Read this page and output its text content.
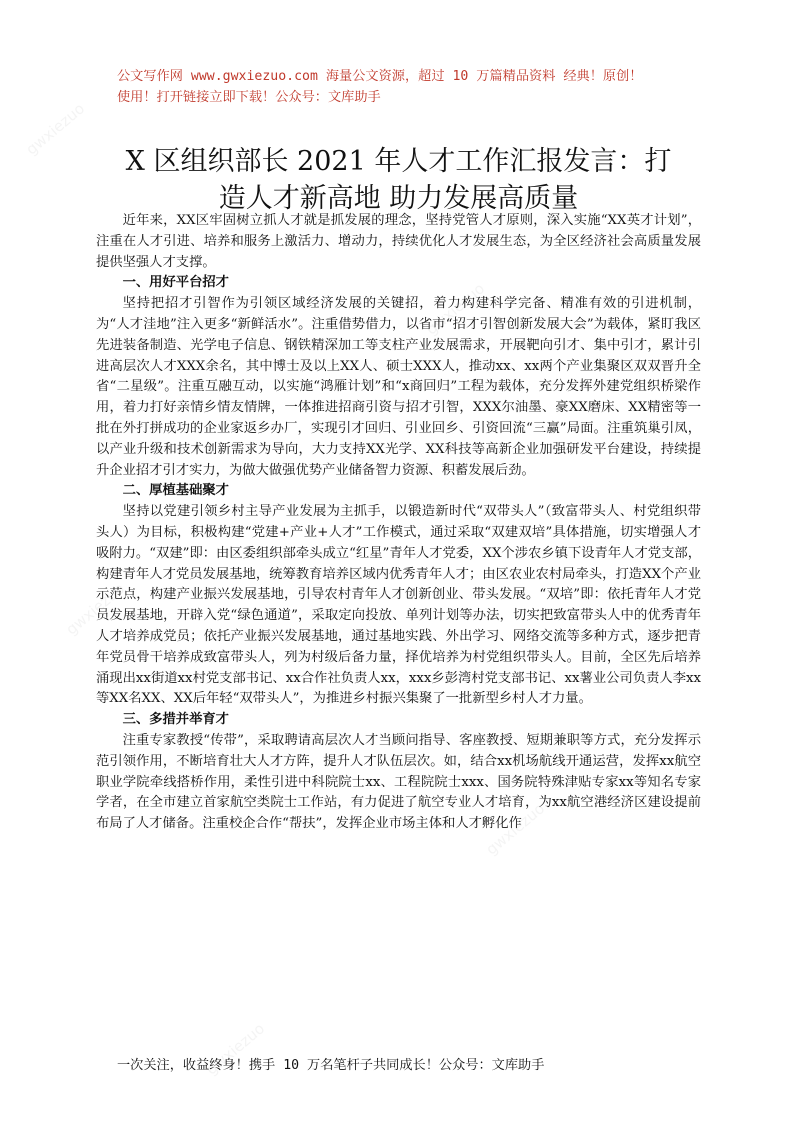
公文写作网 www.gwxiezuo.com 海量公文资源，超过 10 万篇精品资料 经典！原创！
使用！打开链接立即下载！公众号：文库助手
X 区组织部长 2021 年人才工作汇报发言：打
造人才新高地 助力发展高质量

近年来，XX区牢固树立抓人才就是抓发展的理念，坚持党管人才原则，深入实施“XX英才计划”，注重在人才引进、培养和服务上激活力、增动力，持续优化人才发展生态，为全区经济社会高质量发展提供坚强人才支撑。

一、用好平台招才

坚持把招才引智作为引领区域经济发展的关键招，着力构建科学完备、精准有效的引进机制，为“人才洼地”注入更多“新鲜活水”。注重借势借力，以省市“招才引智创新发展大会”为载体，紧盯我区先进装备制造、光学电子信息、钢铁精深加工等支柱产业发展需求，开展靶向引才、集中引才，累计引进高层次人才XXX余名，其中博士及以上XX人、硕士XXX人，推动xx、xx两个产业集聚区双双晋升全省“二星级”。注重互融互动，以实施“鸿雁计划”和“x商回归”工程为载体，充分发挥外建党组织桥梁作用，着力打好亲情乡情友情牌，一体推进招商引资与招才引智，XXX尔油墨、豪XX磨床、XX精密等一批在外打拼成功的企业家返乡办厂，实现引才回归、引业回乡、引资回流“三赢”局面。注重筑巢引凤，以产业升级和技术创新需求为导向，大力支持XX光学、XX科技等高新企业加强研发平台建设，持续提升企业招才引才实力，为做大做强优势产业储备智力资源、积蓄发展后劲。

二、厚植基础聚才

坚持以党建引领乡村主导产业发展为主抓手，以锻造新时代“双带头人”（致富带头人、村党组织带头人）为目标，积极构建“党建+产业+人才”工作模式，通过采取“双建双培”具体措施，切实增强人才吸附力。“双建”即：由区委组织部牵头成立“红星”青年人才党委，XX个涉农乡镇下设青年人才党支部，构建青年人才党员发展基地，统筹教育培养区域内优秀青年人才；由区农业农村局牵头，打造XX个产业示范点，构建产业振兴发展基地，引导农村青年人才创新创业、带头发展。“双培”即：依托青年人才党员发展基地，开辟入党“绿色通道”，采取定向投放、单列计划等办法，切实把致富带头人中的优秀青年人才培养成党员；依托产业振兴发展基地，通过基地实践、外出学习、网络交流等多种方式，逐步把青年党员骨干培养成致富带头人，列为村级后备力量，择优培养为村党组织带头人。目前，全区先后培养涌现出xx街道xx村党支部书记、xx合作社负责人xx，xxx乡彭湾村党支部书记、xx薯业公司负责人李xx等XX名XX、XX后年轻“双带头人”，为推进乡村振兴集聚了一批新型乡村人才力量。

三、多措并举育才

注重专家教授“传带”，采取聘请高层次人才当顾问指导、客座教授、短期兼职等方式，充分发挥示范引领作用，不断培育壮大人才方阵，提升人才队伍层次。如，结合xx机场航线开通运营，发挥xx航空职业学院牵线搭桥作用，柔性引进中科院院士xx、工程院院士xxx、国务院特殊津贴专家xx等知名专家学者，在全市建立首家航空类院士工作站，有力促进了航空专业人才培育，为xx航空港经济区建设提前布局了人才储备。注重校企合作“帮扶”，发挥企业市场主体和人才孵化作

一次关注，收益终身！携手 10 万名笔杆子共同成长！公众号：文库助手
gwxiezuo
gwxiezuo
gwxiezuo
gwxiezuo
gwxiezuo
